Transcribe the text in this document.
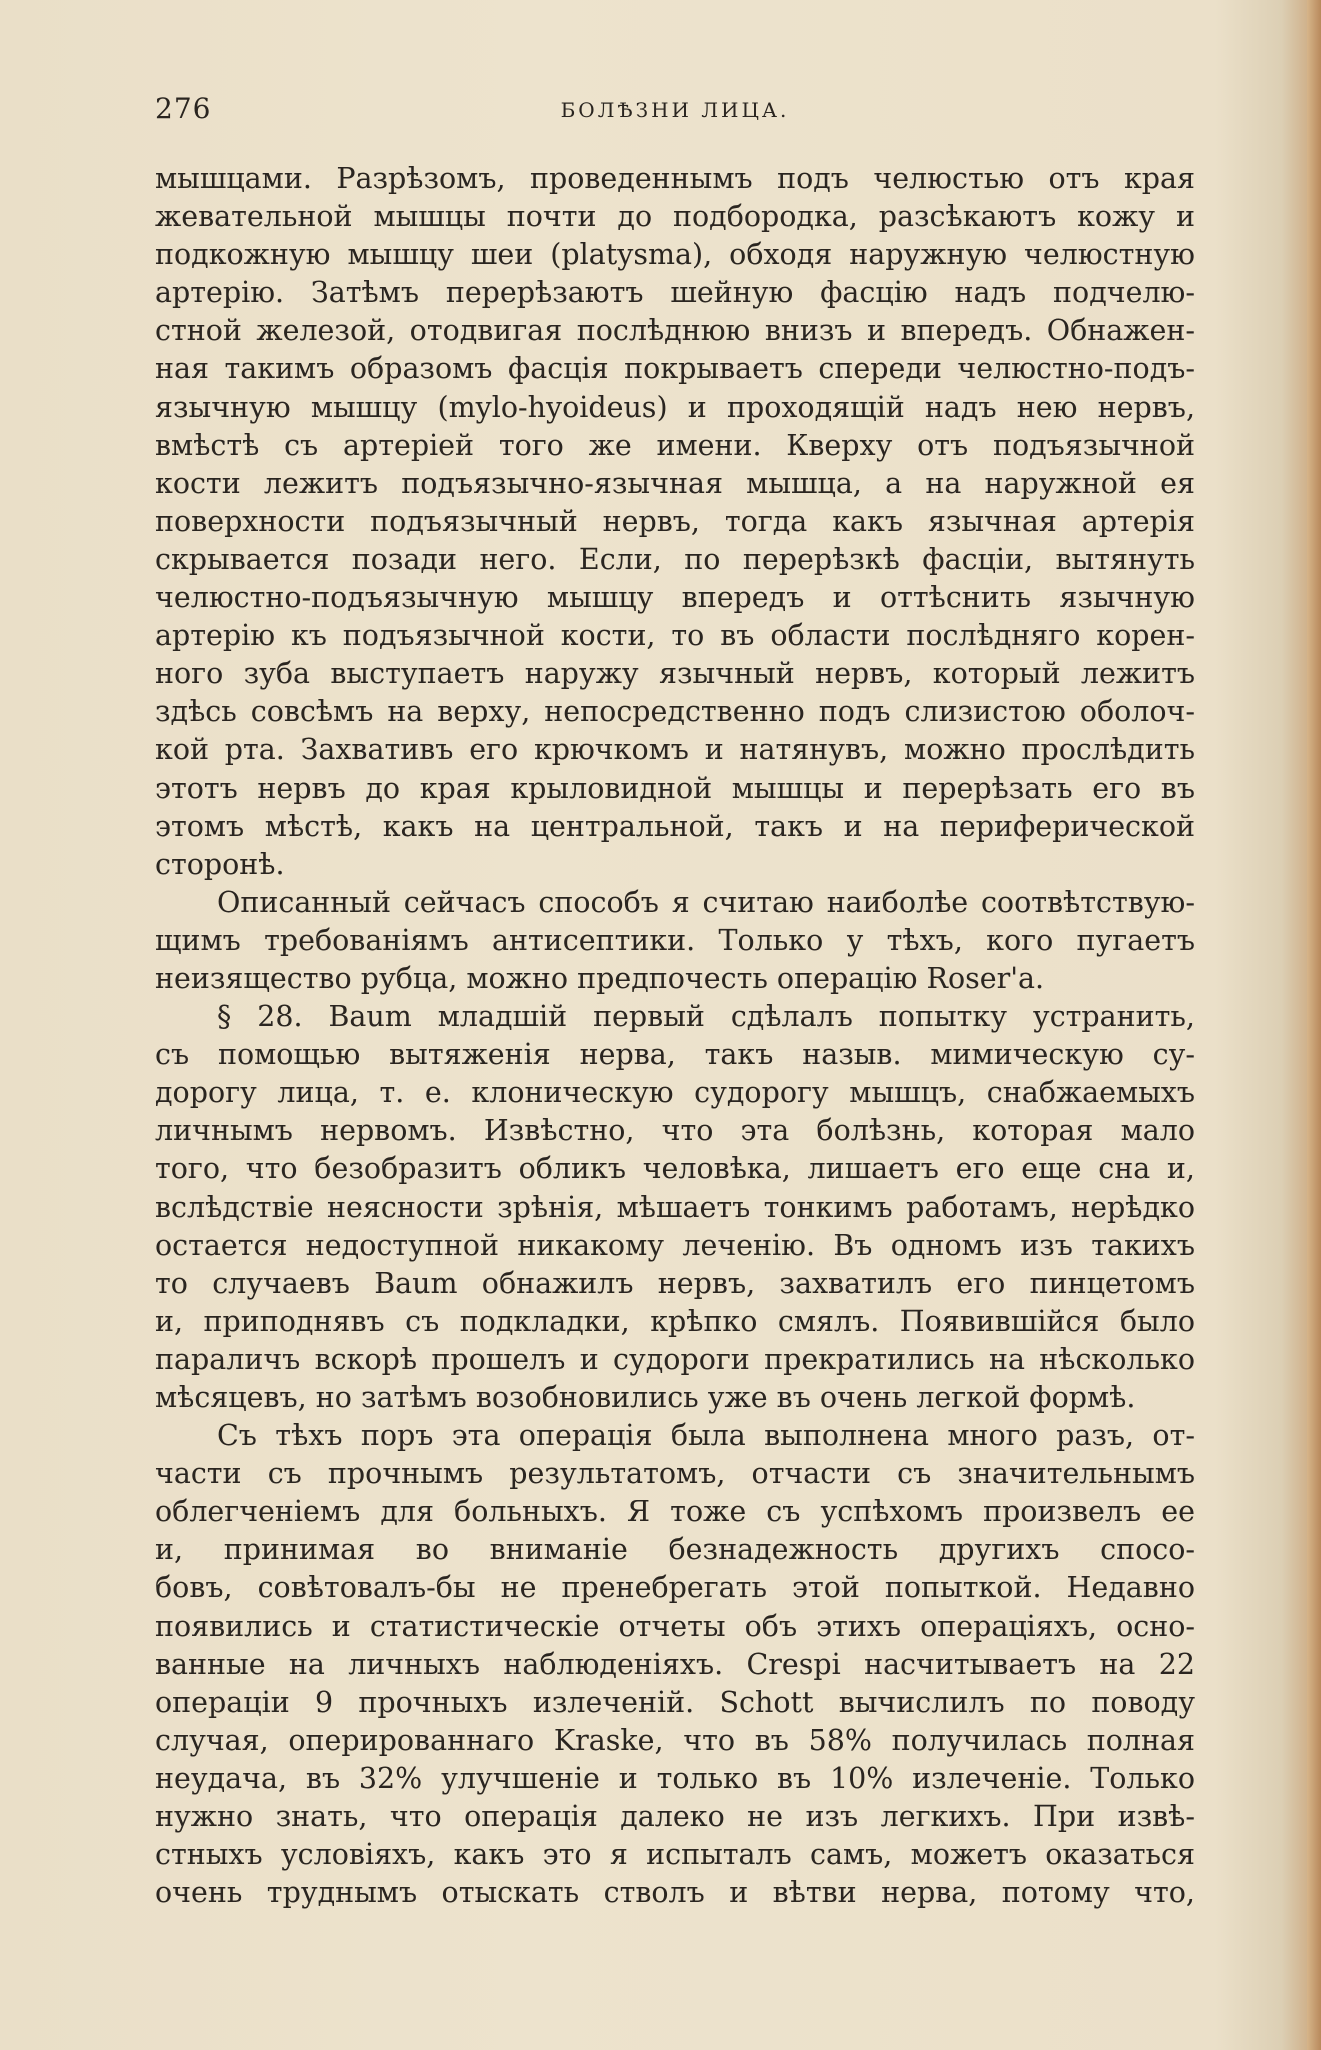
276	БОЛѢЗНИ ЛИЦА.
мышцами. Разрѣзомъ, проведеннымъ подъ челюстью отъ края
жевательной мышцы почти до подбородка, разсѣкаютъ кожу и
подкожную мышцу шеи (platysma), обходя наружную челюстную
артерію. Затѣмъ перерѣзаютъ шейную фасцію надъ подчелю-
стной железой, отодвигая послѣднюю внизъ и впередъ. Обнажен-
ная такимъ образомъ фасція покрываетъ спереди челюстно-подъ-
язычную мышцу (mylo-hyoideus) и проходящій надъ нею нервъ,
вмѣстѣ съ артеріей того же имени. Кверху отъ подъязычной
кости лежитъ подъязычно-язычная мышца, а на наружной ея
поверхности подъязычный нервъ, тогда какъ язычная артерія
скрывается позади него. Если, по перерѣзкѣ фасціи, вытянуть
челюстно-подъязычную мышцу впередъ и оттѣснить язычную
артерію къ подъязычной кости, то въ области послѣдняго корен-
ного зуба выступаетъ наружу язычный нервъ, который лежитъ
здѣсь совсѣмъ на верху, непосредственно подъ слизистою оболоч-
кой рта. Захвативъ его крючкомъ и натянувъ, можно прослѣдить
этотъ нервъ до края крыловидной мышцы и перерѣзать его въ
этомъ мѣстѣ, какъ на центральной, такъ и на периферической
сторонѣ.
Описанный сейчасъ способъ я считаю наиболѣе соотвѣтствую-
щимъ требованіямъ антисептики. Только у тѣхъ, кого пугаетъ
неизящество рубца, можно предпочесть операцію Roser'а.
§ 28. Baum младшій первый сдѣлалъ попытку устранить,
съ помощью вытяженія нерва, такъ назыв. мимическую су-
дорогу лица, т. е. клоническую судорогу мышцъ, снабжаемыхъ
личнымъ нервомъ. Извѣстно, что эта болѣзнь, которая мало
того, что безобразитъ обликъ человѣка, лишаетъ его еще сна и,
вслѣдствіе неясности зрѣнія, мѣшаетъ тонкимъ работамъ, нерѣдко
остается недоступной никакому леченію. Въ одномъ изъ такихъ
то случаевъ Baum обнажилъ нервъ, захватилъ его пинцетомъ
и, приподнявъ съ подкладки, крѣпко смялъ. Появившійся было
параличъ вскорѣ прошелъ и судороги прекратились на нѣсколько
мѣсяцевъ, но затѣмъ возобновились уже въ очень легкой формѣ.
Съ тѣхъ поръ эта операція была выполнена много разъ, от-
части съ прочнымъ результатомъ, отчасти съ значительнымъ
облегченіемъ для больныхъ. Я тоже съ успѣхомъ произвелъ ее
и, принимая во вниманіе безнадежность другихъ спосо-
бовъ, совѣтовалъ-бы не пренебрегать этой попыткой. Недавно
появились и статистическіе отчеты объ этихъ операціяхъ, осно-
ванные на личныхъ наблюденіяхъ. Crespi насчитываетъ на 22
операціи 9 прочныхъ излеченій. Schott вычислилъ по поводу
случая, оперированнаго Kraske, что въ 58% получилась полная
неудача, въ 32% улучшеніе и только въ 10% излеченіе. Только
нужно знать, что операція далеко не изъ легкихъ. При извѣ-
стныхъ условіяхъ, какъ это я испыталъ самъ, можетъ оказаться
очень труднымъ отыскать стволъ и вѣтви нерва, потому что,
